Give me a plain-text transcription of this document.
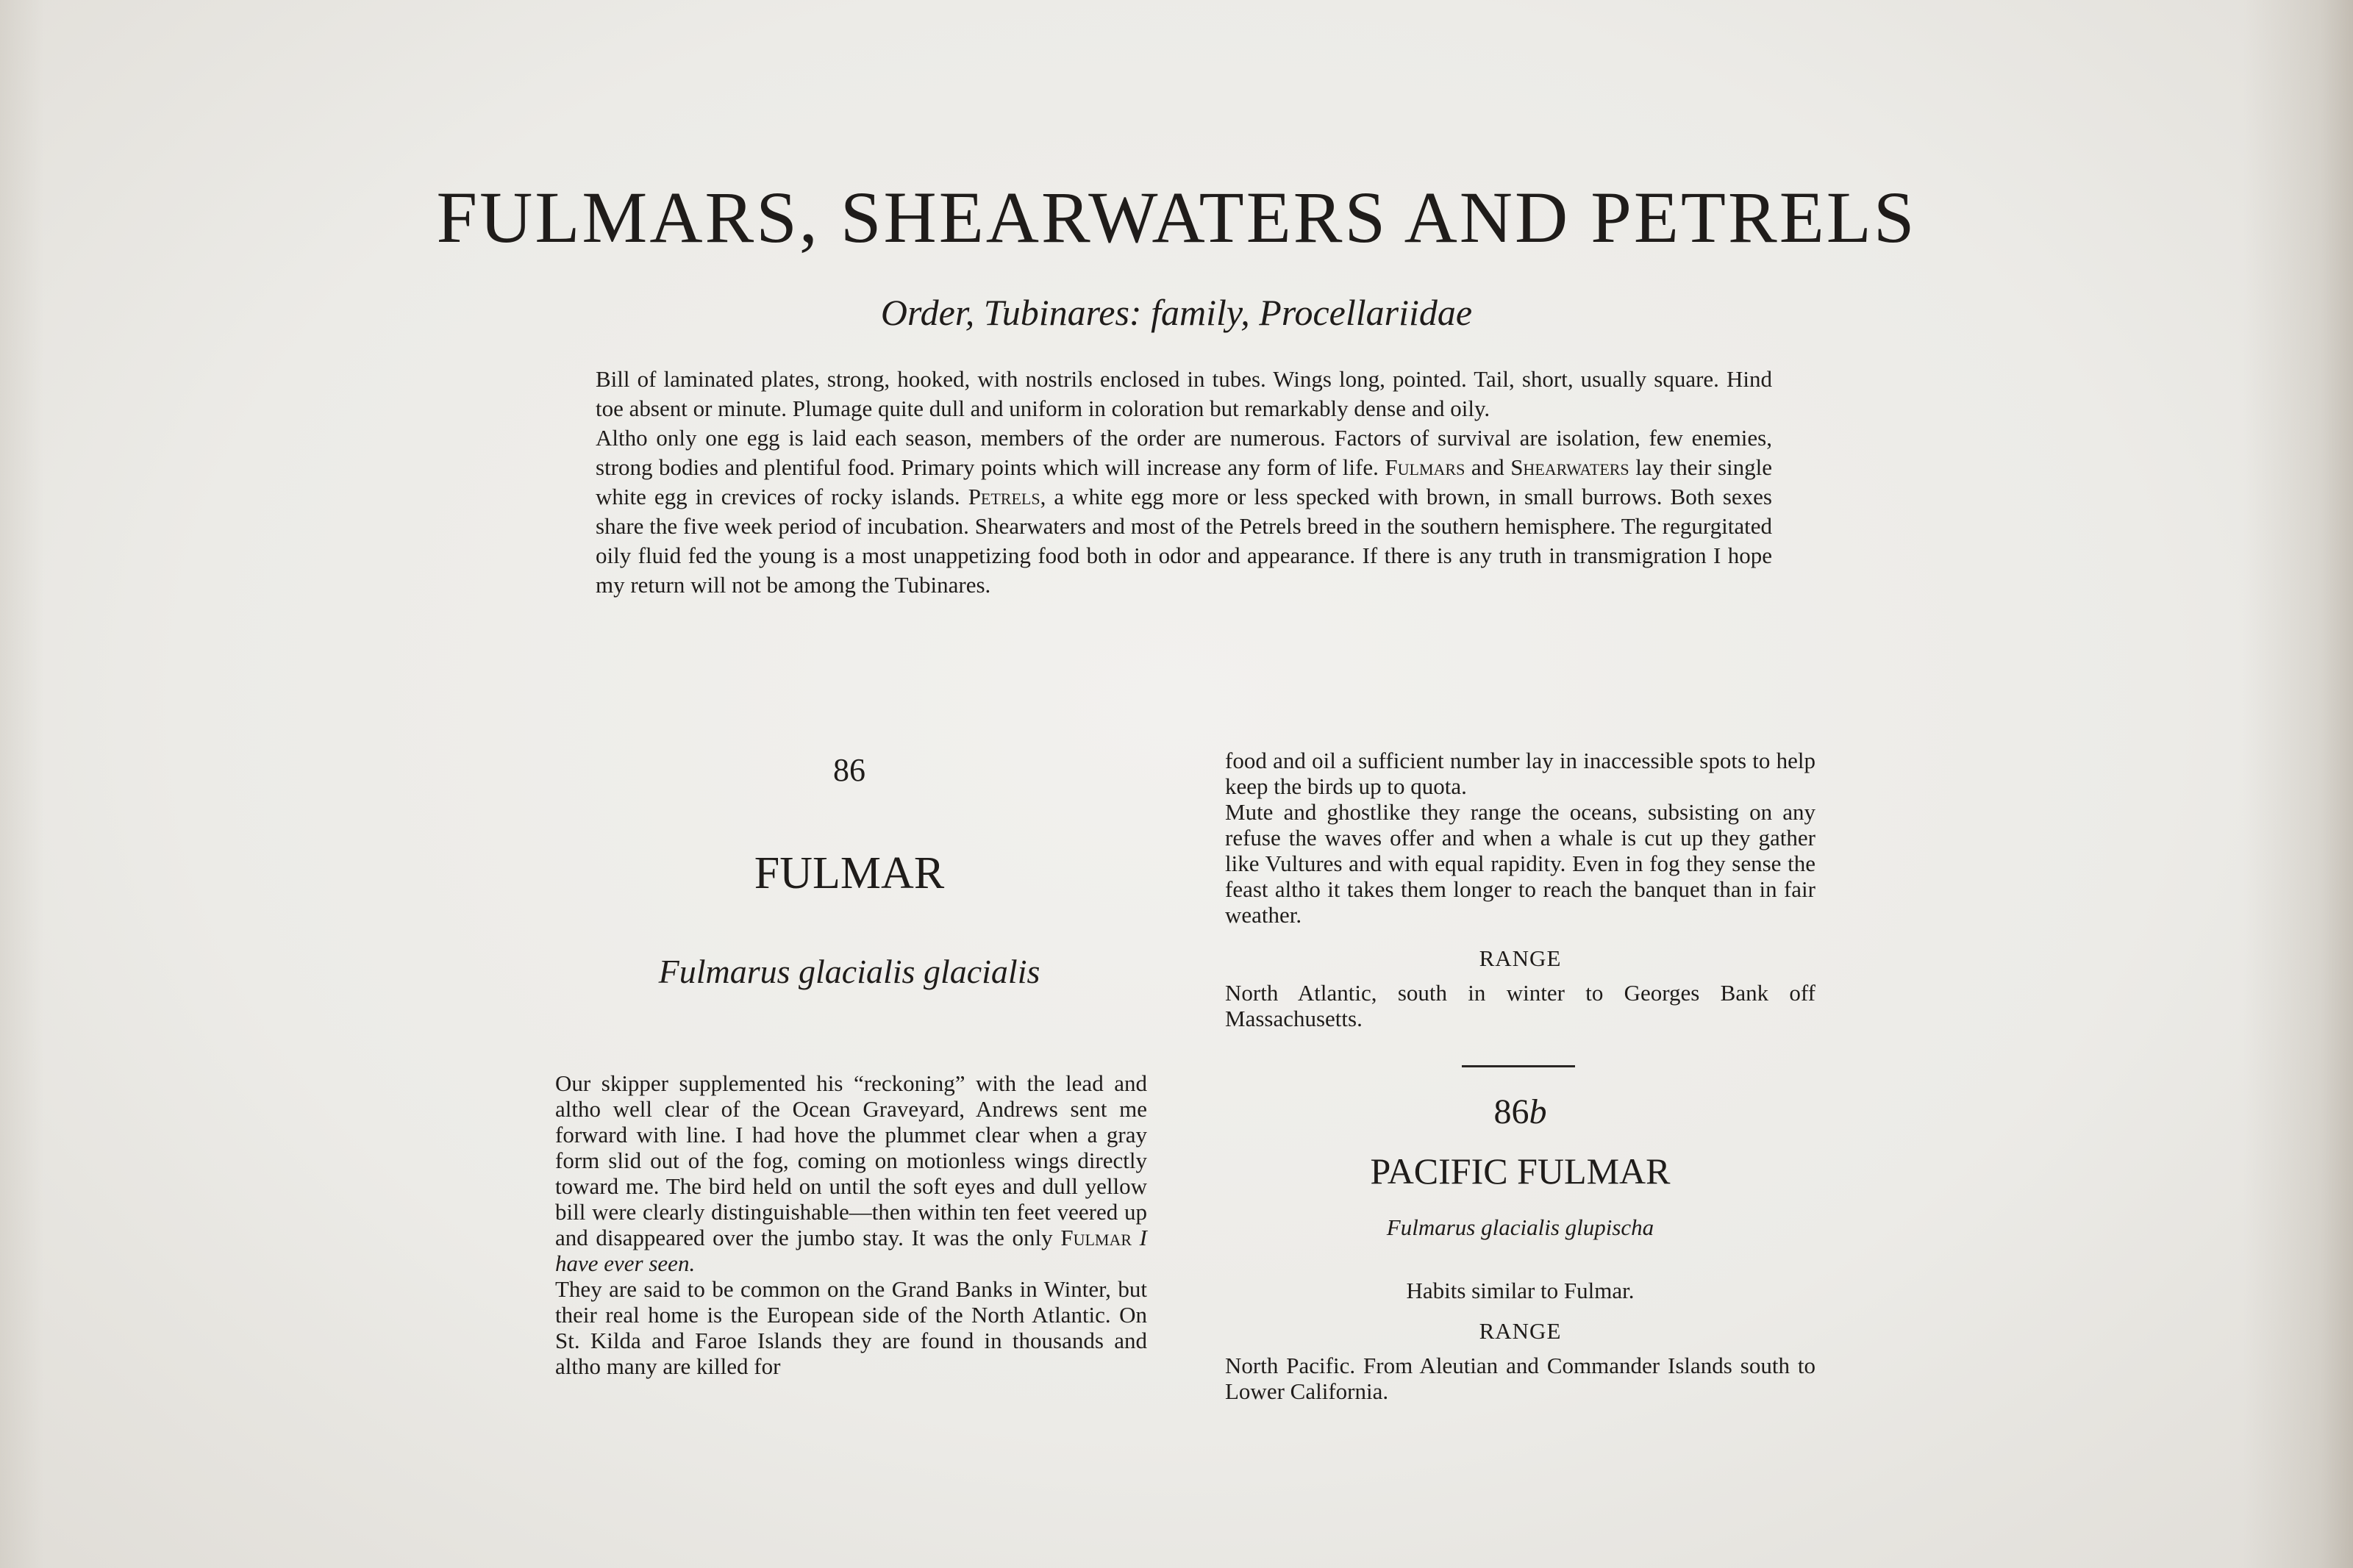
FULMARS, SHEARWATERS AND PETRELS
Order, Tubinares: family, Procellariidae

Bill of laminated plates, strong, hooked, with nostrils enclosed in tubes. Wings long, pointed. Tail, short, usually square. Hind toe absent or minute. Plumage quite dull and uniform in coloration but remarkably dense and oily.

Altho only one egg is laid each season, members of the order are numerous. Factors of survival are isolation, few enemies, strong bodies and plentiful food. Primary points which will increase any form of life. Fulmars and Shearwaters lay their single white egg in crevices of rocky islands. Petrels, a white egg more or less specked with brown, in small burrows. Both sexes share the five week period of incubation. Shearwaters and most of the Petrels breed in the southern hemisphere. The regurgitated oily fluid fed the young is a most unappetizing food both in odor and appearance. If there is any truth in transmigration I hope my return will not be among the Tubinares.

86
FULMAR
Fulmarus glacialis glacialis

Our skipper supplemented his “reckoning” with the lead and altho well clear of the Ocean Graveyard, Andrews sent me forward with line. I had hove the plummet clear when a gray form slid out of the fog, coming on motionless wings directly toward me. The bird held on until the soft eyes and dull yellow bill were clearly distinguishable—then within ten feet veered up and disappeared over the jumbo stay. It was the only Fulmar I have ever seen.

They are said to be common on the Grand Banks in Winter, but their real home is the European side of the North Atlantic. On St. Kilda and Faroe Islands they are found in thousands and altho many are killed for

food and oil a sufficient number lay in inaccessible spots to help keep the birds up to quota.

Mute and ghostlike they range the oceans, subsisting on any refuse the waves offer and when a whale is cut up they gather like Vultures and with equal rapidity. Even in fog they sense the feast altho it takes them longer to reach the banquet than in fair weather.

RANGE

North Atlantic, south in winter to Georges Bank off Massachusetts.

86b
PACIFIC FULMAR
Fulmarus glacialis glupischa
Habits similar to Fulmar.
RANGE

North Pacific. From Aleutian and Commander Islands south to Lower California.
